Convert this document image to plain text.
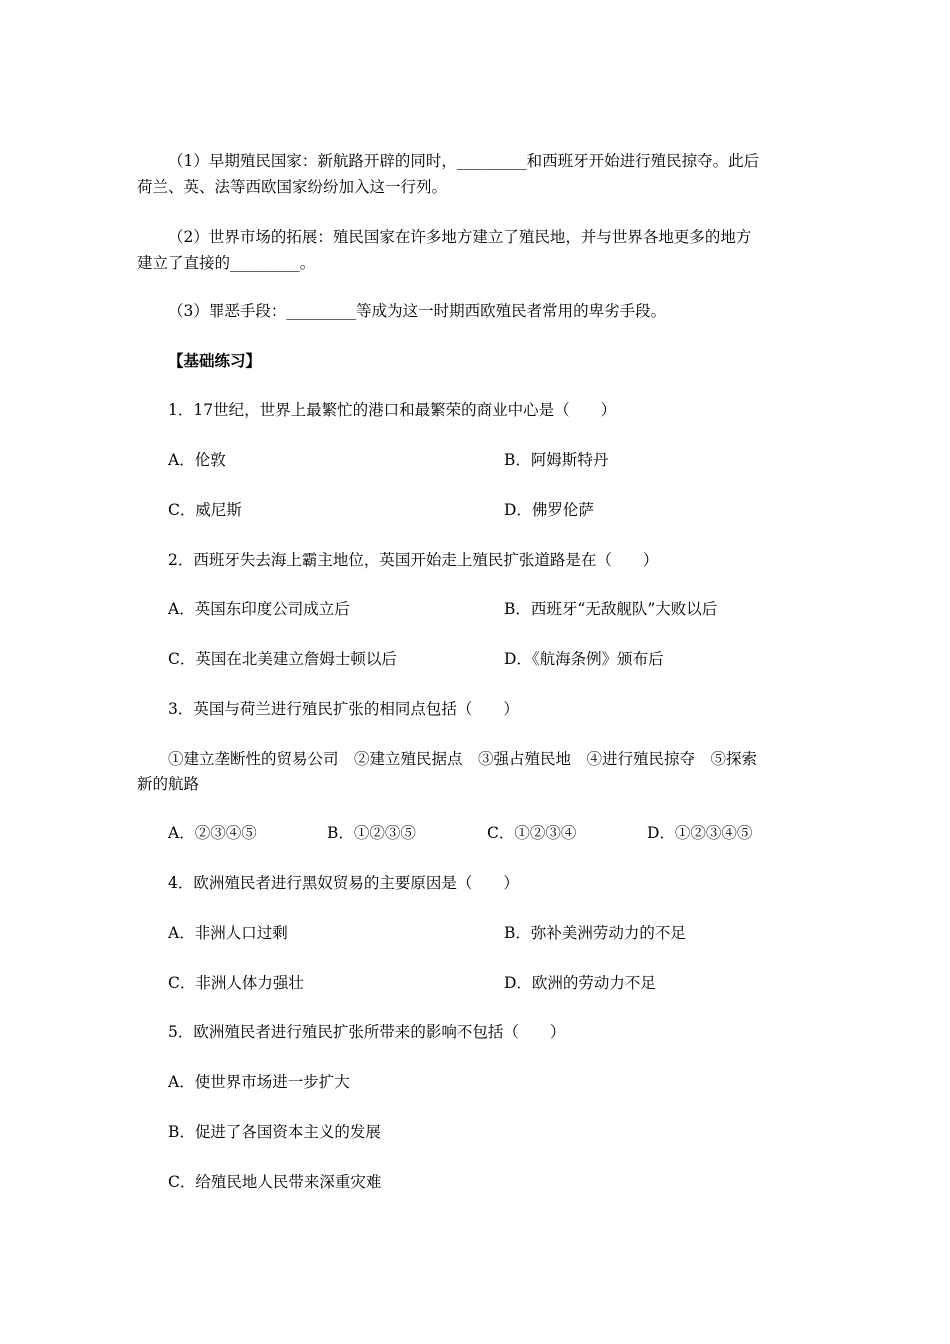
（1）早期殖民国家：新航路开辟的同时，_________和西班牙开始进行殖民掠夺。此后
荷兰、英、法等西欧国家纷纷加入这一行列。
（2）世界市场的拓展：殖民国家在许多地方建立了殖民地，并与世界各地更多的地方
建立了直接的_________。
（3）罪恶手段：_________等成为这一时期西欧殖民者常用的卑劣手段。
【基础练习】
1．17世纪，世界上最繁忙的港口和最繁荣的商业中心是（　　）
A．伦敦	B．阿姆斯特丹
C．威尼斯	D．佛罗伦萨
2．西班牙失去海上霸主地位，英国开始走上殖民扩张道路是在（　　）
A．英国东印度公司成立后	B．西班牙“无敌舰队”大败以后
C．英国在北美建立詹姆士顿以后	D．《航海条例》颁布后
3．英国与荷兰进行殖民扩张的相同点包括（　　）
①建立垄断性的贸易公司　②建立殖民据点　③强占殖民地　④进行殖民掠夺　⑤探索
新的航路
A．②③④⑤	B．①②③⑤	C．①②③④	D．①②③④⑤
4．欧洲殖民者进行黑奴贸易的主要原因是（　　）
A．非洲人口过剩	B．弥补美洲劳动力的不足
C．非洲人体力强壮	D．欧洲的劳动力不足
5．欧洲殖民者进行殖民扩张所带来的影响不包括（　　）
A．使世界市场进一步扩大
B．促进了各国资本主义的发展
C．给殖民地人民带来深重灾难
